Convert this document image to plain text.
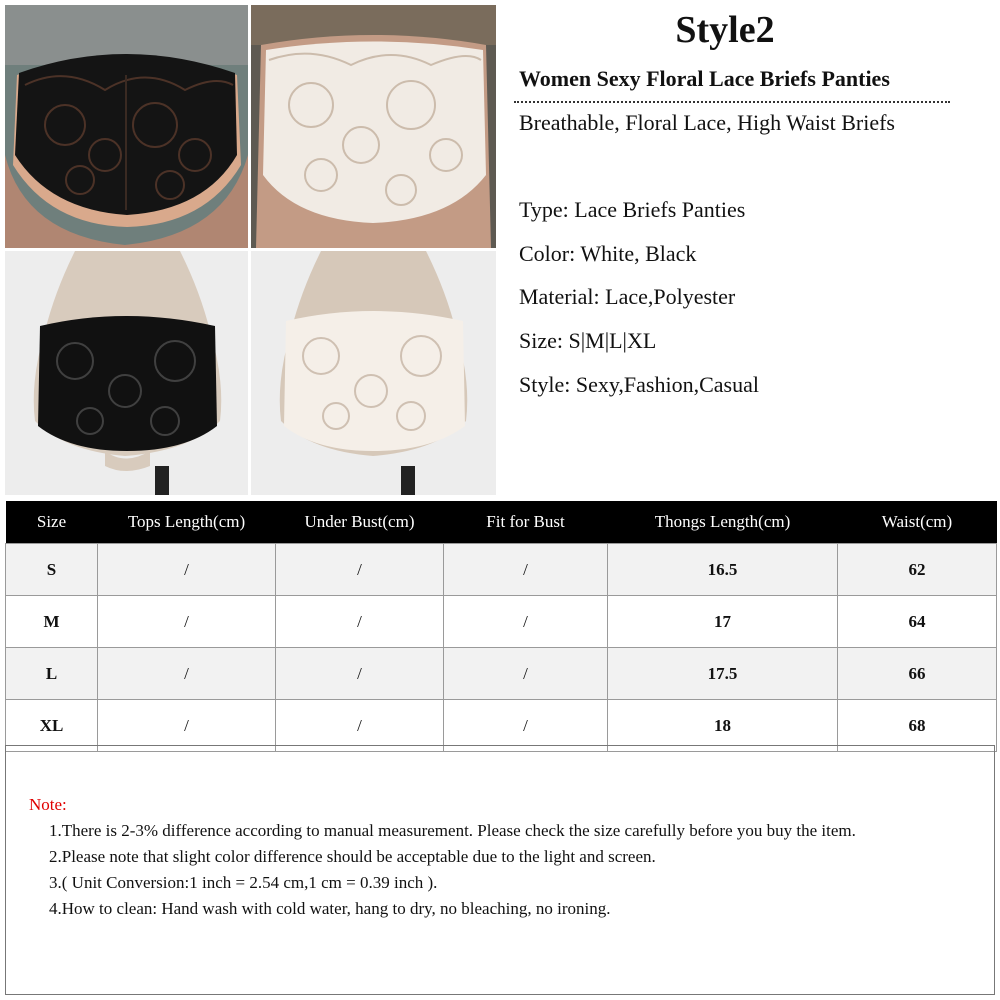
Style2
Women Sexy Floral Lace Briefs Panties
Breathable, Floral Lace, High Waist Briefs
Type: Lace Briefs Panties
Color: White, Black
Material: Lace,Polyester
Size: S|M|L|XL
Style: Sexy,Fashion,Casual
Size	Tops Length(cm)	Under Bust(cm)	Fit for Bust	Thongs Length(cm)	Waist(cm)
S	/	/	/	16.5	62
M	/	/	/	17	64
L	/	/	/	17.5	66
XL	/	/	/	18	68
Note:
1.There is 2-3% difference according to manual measurement. Please check the size carefully before you buy the item.
2.Please note that slight color difference should be acceptable due to the light and screen.
3.( Unit Conversion:1 inch = 2.54 cm,1 cm = 0.39 inch ).
4.How to clean: Hand wash with cold water, hang to dry, no bleaching, no ironing.
